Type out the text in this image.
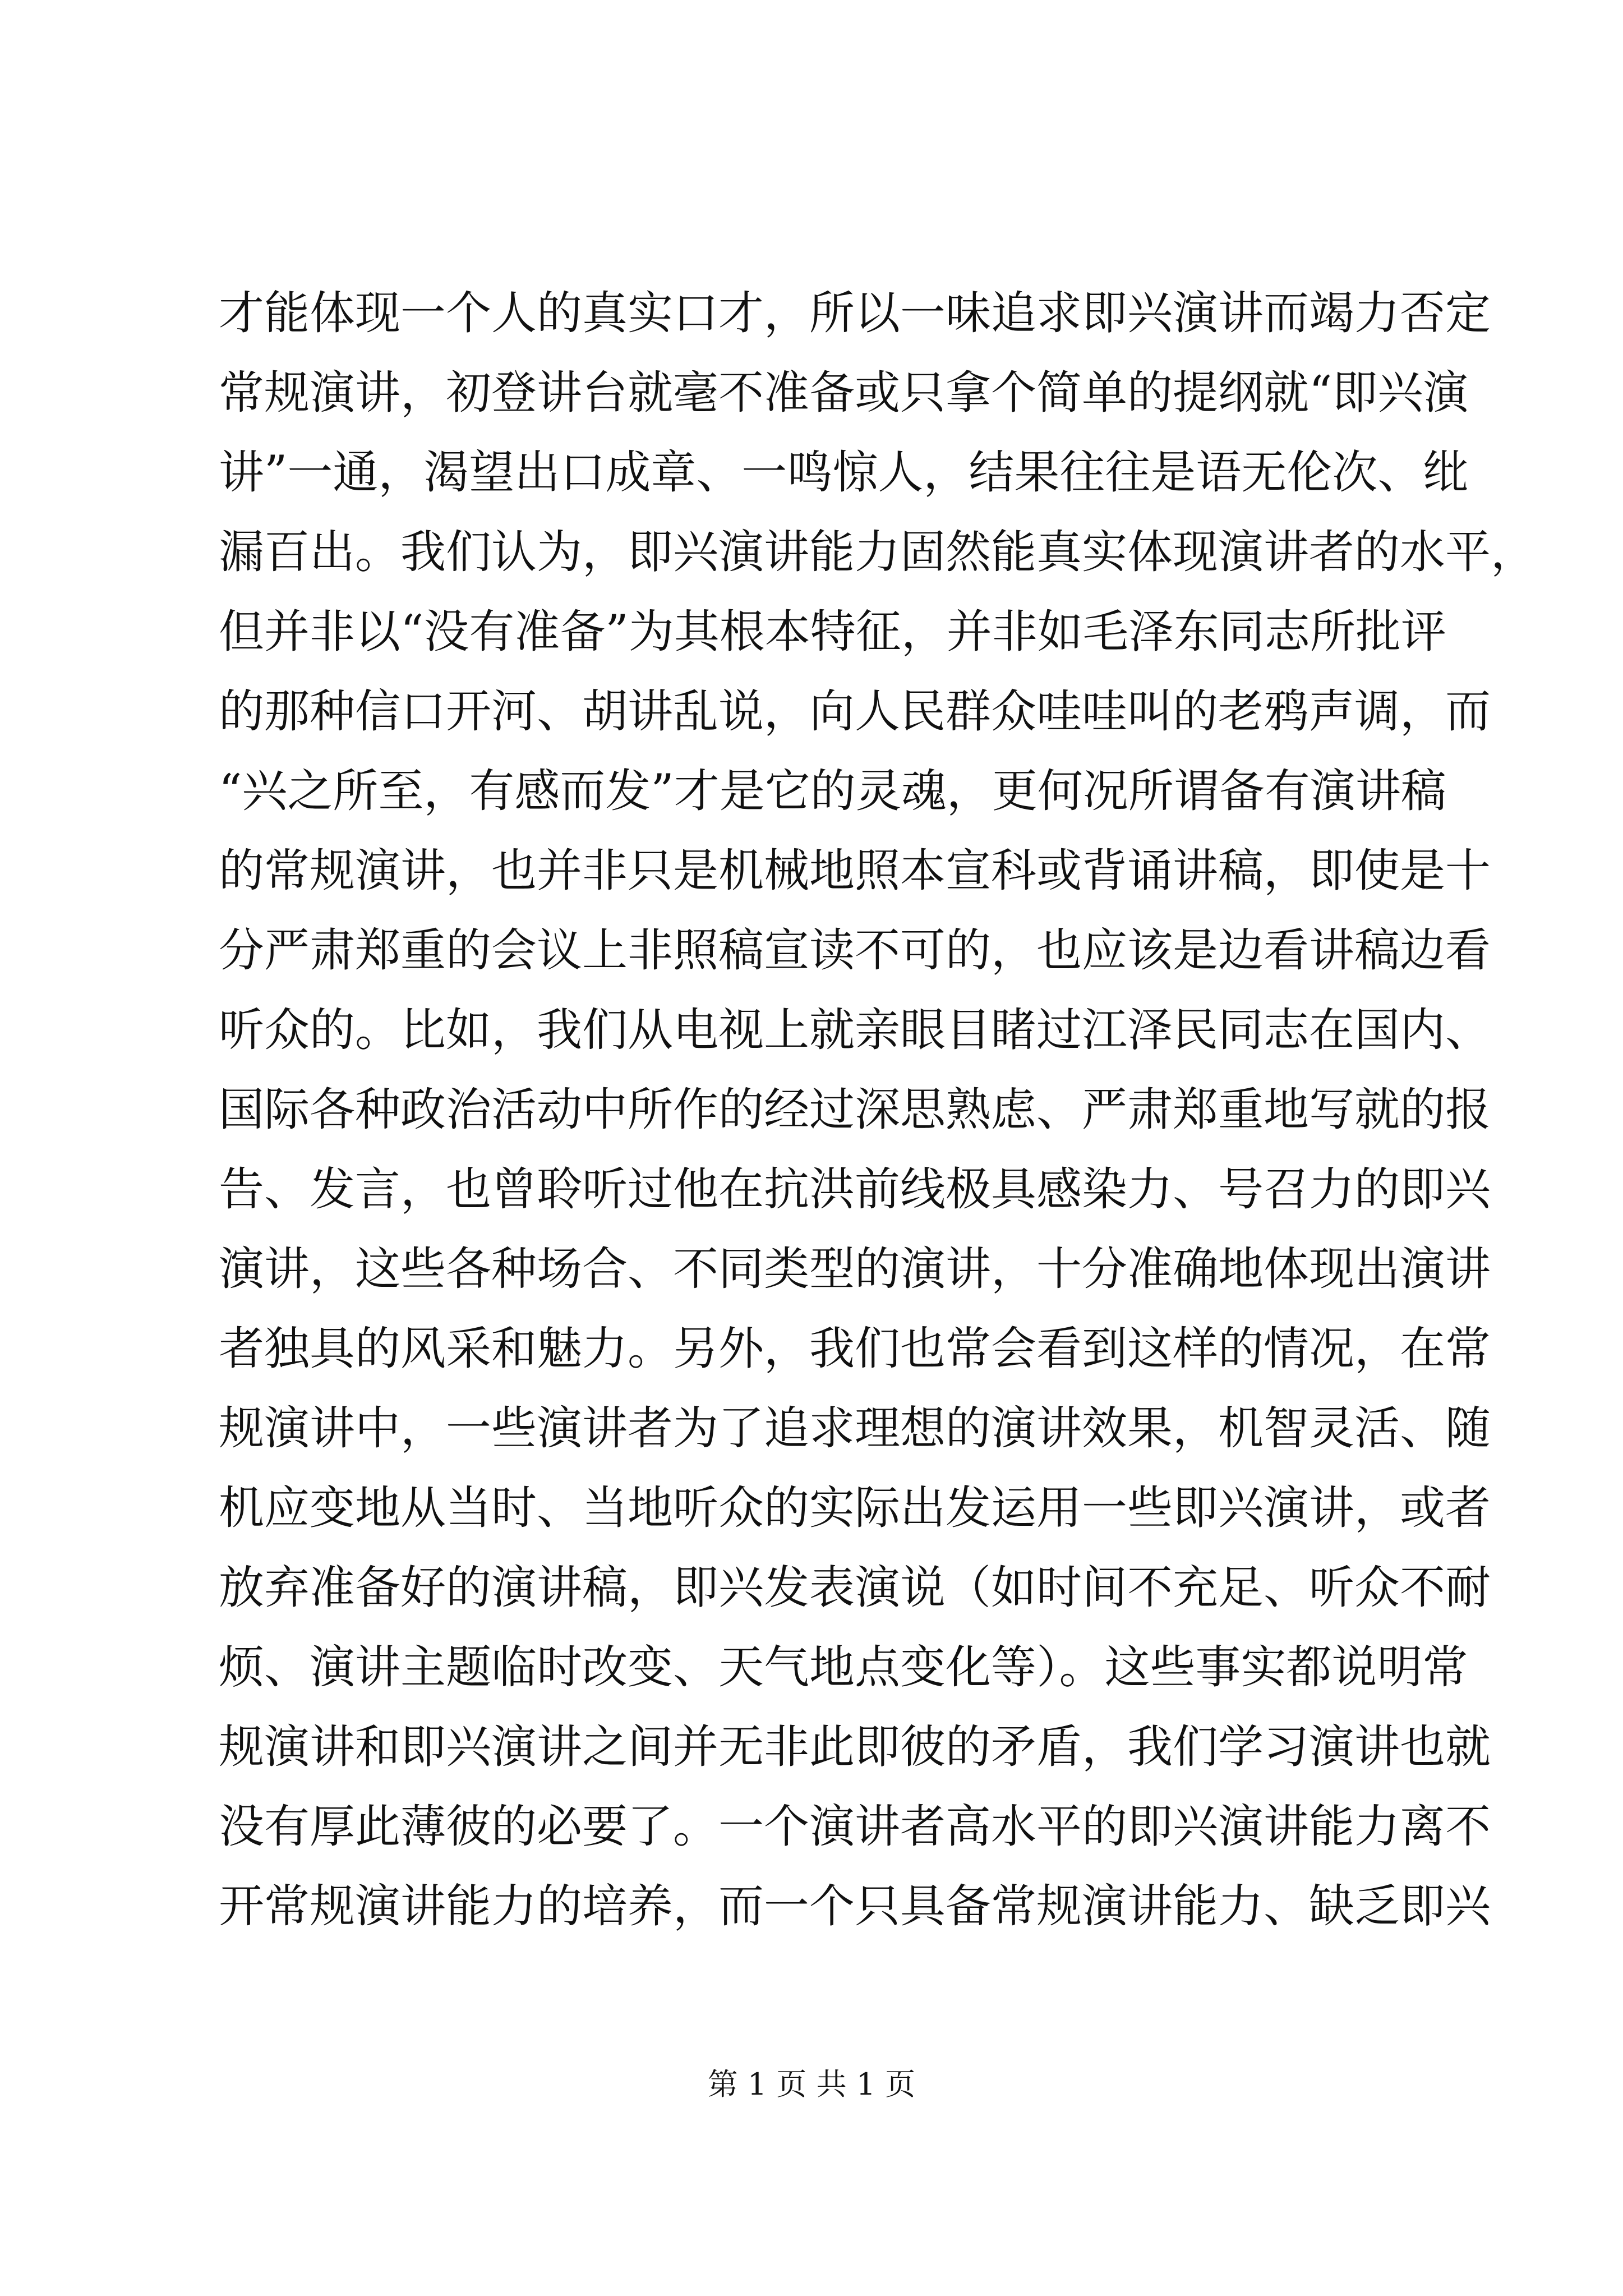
才能体现一个人的真实口才，所以一味追求即兴演讲而竭力否定
常规演讲，初登讲台就毫不准备或只拿个简单的提纲就“即兴演
讲”一通，渴望出口成章、一鸣惊人，结果往往是语无伦次、纰
漏百出。我们认为，即兴演讲能力固然能真实体现演讲者的水平，
但并非以“没有准备”为其根本特征，并非如毛泽东同志所批评
的那种信口开河、胡讲乱说，向人民群众哇哇叫的老鸦声调，而
“兴之所至，有感而发”才是它的灵魂，更何况所谓备有演讲稿
的常规演讲，也并非只是机械地照本宣科或背诵讲稿，即使是十
分严肃郑重的会议上非照稿宣读不可的，也应该是边看讲稿边看
听众的。比如，我们从电视上就亲眼目睹过江泽民同志在国内、
国际各种政治活动中所作的经过深思熟虑、严肃郑重地写就的报
告、发言，也曾聆听过他在抗洪前线极具感染力、号召力的即兴
演讲，这些各种场合、不同类型的演讲，十分准确地体现出演讲
者独具的风采和魅力。另外，我们也常会看到这样的情况，在常
规演讲中，一些演讲者为了追求理想的演讲效果，机智灵活、随
机应变地从当时、当地听众的实际出发运用一些即兴演讲，或者
放弃准备好的演讲稿，即兴发表演说（如时间不充足、听众不耐
烦、演讲主题临时改变、天气地点变化等）。这些事实都说明常
规演讲和即兴演讲之间并无非此即彼的矛盾，我们学习演讲也就
没有厚此薄彼的必要了。一个演讲者高水平的即兴演讲能力离不
开常规演讲能力的培养，而一个只具备常规演讲能力、缺乏即兴
第 1 页 共 1 页
